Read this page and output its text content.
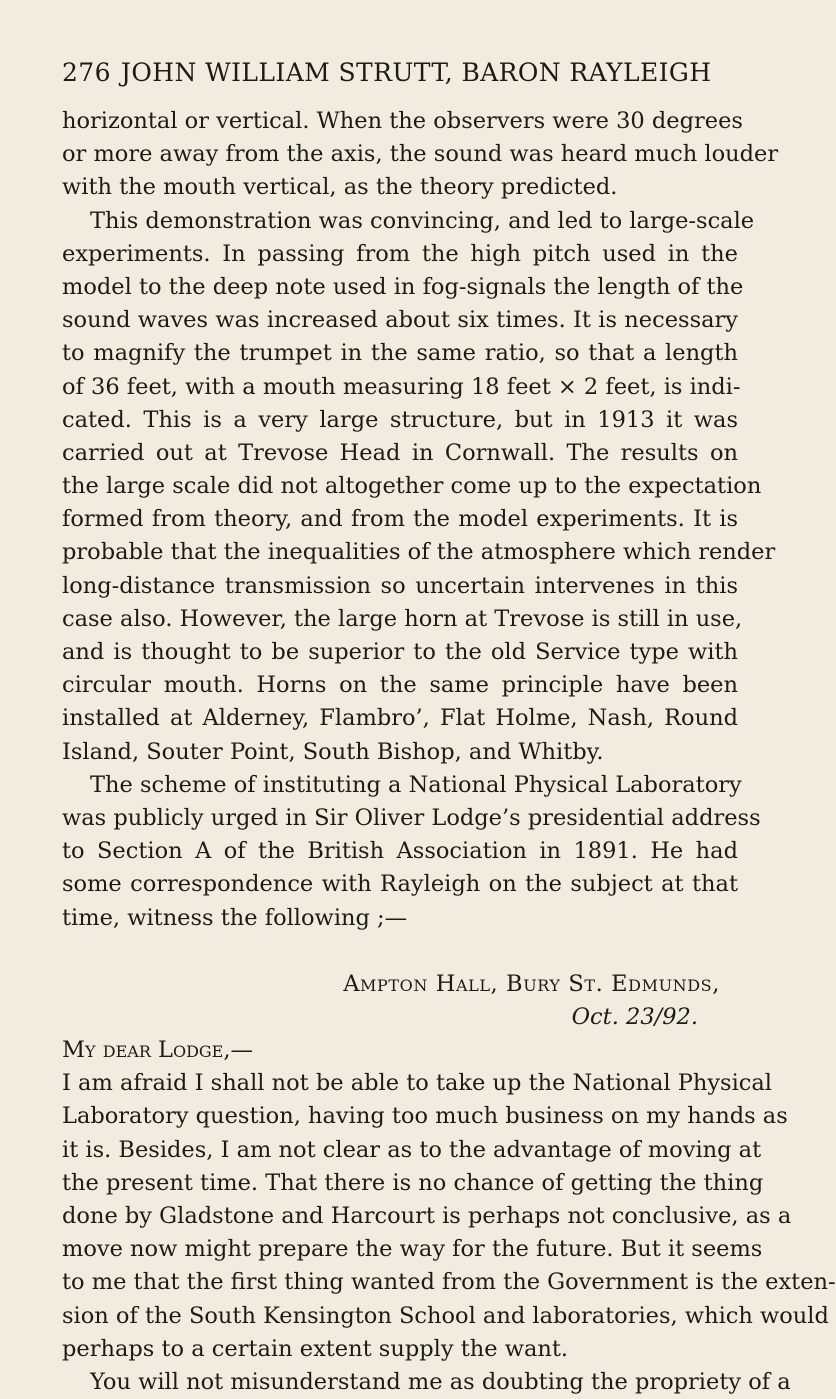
276 JOHN WILLIAM STRUTT, BARON RAYLEIGH
horizontal or vertical. When the observers were 30 degrees
or more away from the axis, the sound was heard much louder
with the mouth vertical, as the theory predicted.
This demonstration was convincing, and led to large-scale
experiments. In passing from the high pitch used in the
model to the deep note used in fog-signals the length of the
sound waves was increased about six times. It is necessary
to magnify the trumpet in the same ratio, so that a length
of 36 feet, with a mouth measuring 18 feet × 2 feet, is indi-
cated. This is a very large structure, but in 1913 it was
carried out at Trevose Head in Cornwall. The results on
the large scale did not altogether come up to the expectation
formed from theory, and from the model experiments. It is
probable that the inequalities of the atmosphere which render
long-distance transmission so uncertain intervenes in this
case also. However, the large horn at Trevose is still in use,
and is thought to be superior to the old Service type with
circular mouth. Horns on the same principle have been
installed at Alderney, Flambro’, Flat Holme, Nash, Round
Island, Souter Point, South Bishop, and Whitby.
The scheme of instituting a National Physical Laboratory
was publicly urged in Sir Oliver Lodge’s presidential address
to Section A of the British Association in 1891. He had
some correspondence with Rayleigh on the subject at that
time, witness the following ;—
Ampton Hall, Bury St. Edmunds,
Oct. 23/92.
My dear Lodge,—
I am afraid I shall not be able to take up the National Physical
Laboratory question, having too much business on my hands as
it is. Besides, I am not clear as to the advantage of moving at
the present time. That there is no chance of getting the thing
done by Gladstone and Harcourt is perhaps not conclusive, as a
move now might prepare the way for the future. But it seems
to me that the first thing wanted from the Government is the exten-
sion of the South Kensington School and laboratories, which would
perhaps to a certain extent supply the want.
You will not misunderstand me as doubting the propriety of a
